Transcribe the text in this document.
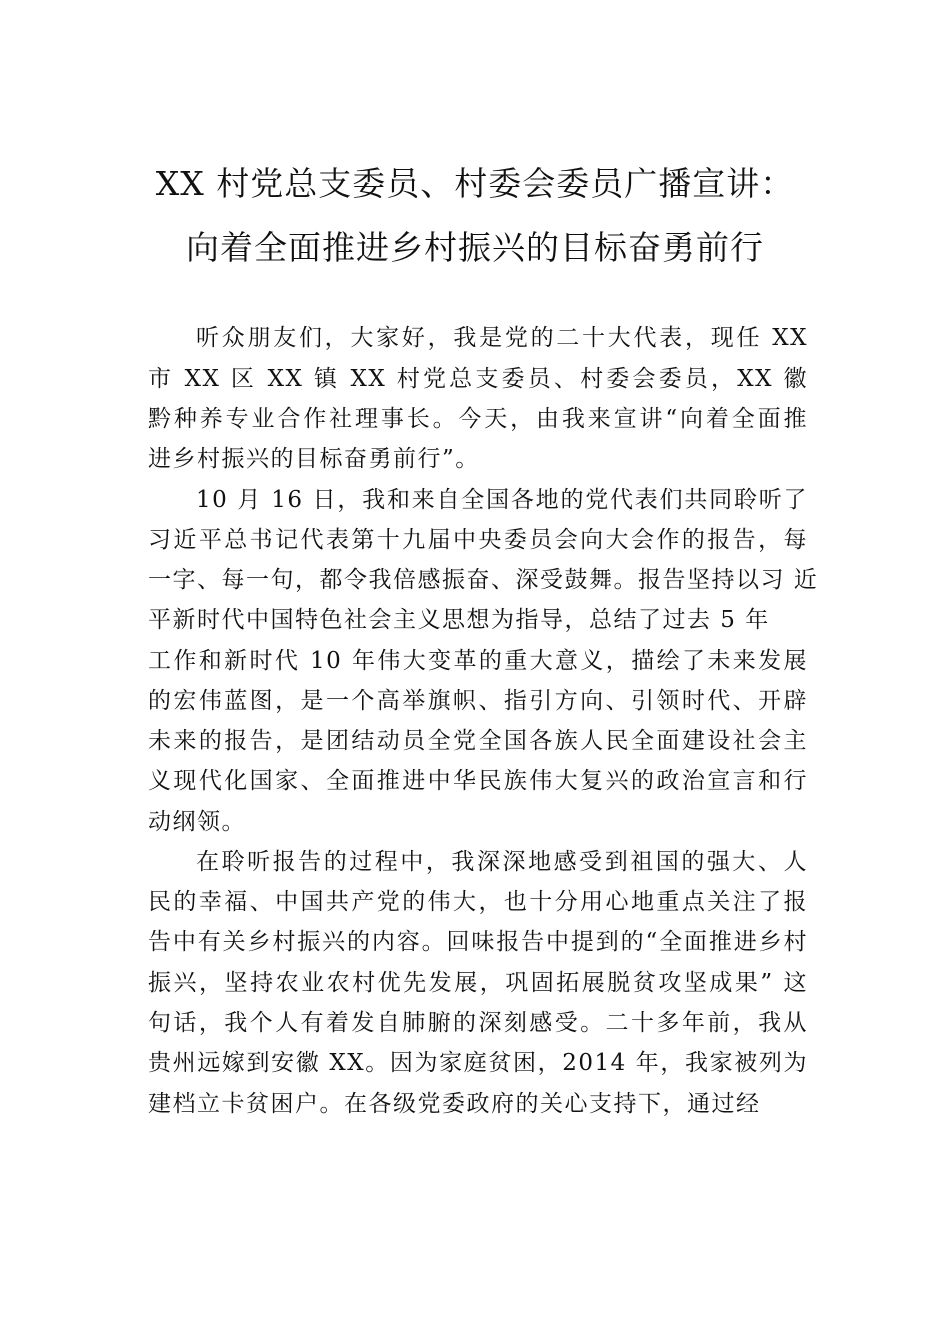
XX 村党总支委员、村委会委员广播宣讲：
向着全面推进乡村振兴的目标奋勇前行
听众朋友们，大家好，我是党的二十大代表，现任 XX
市 XX 区 XX 镇 XX 村党总支委员、村委会委员，XX 徽
黔种养专业合作社理事长。今天，由我来宣讲“向着全面推
进乡村振兴的目标奋勇前行”。
10 月 16 日，我和来自全国各地的党代表们共同聆听了
习近平总书记代表第十九届中央委员会向大会作的报告，每
一字、每一句，都令我倍感振奋、深受鼓舞。报告坚持以习 近
平新时代中国特色社会主义思想为指导，总结了过去 5 年
工作和新时代 10 年伟大变革的重大意义，描绘了未来发展
的宏伟蓝图，是一个高举旗帜、指引方向、引领时代、开辟
未来的报告，是团结动员全党全国各族人民全面建设社会主
义现代化国家、全面推进中华民族伟大复兴的政治宣言和行
动纲领。
在聆听报告的过程中，我深深地感受到祖国的强大、人
民的幸福、中国共产党的伟大，也十分用心地重点关注了报
告中有关乡村振兴的内容。回味报告中提到的“全面推进乡村
振兴，坚持农业农村优先发展，巩固拓展脱贫攻坚成果” 这
句话，我个人有着发自肺腑的深刻感受。二十多年前，我从
贵州远嫁到安徽 XX。因为家庭贫困，2014 年，我家被列为
建档立卡贫困户。在各级党委政府的关心支持下，通过经
